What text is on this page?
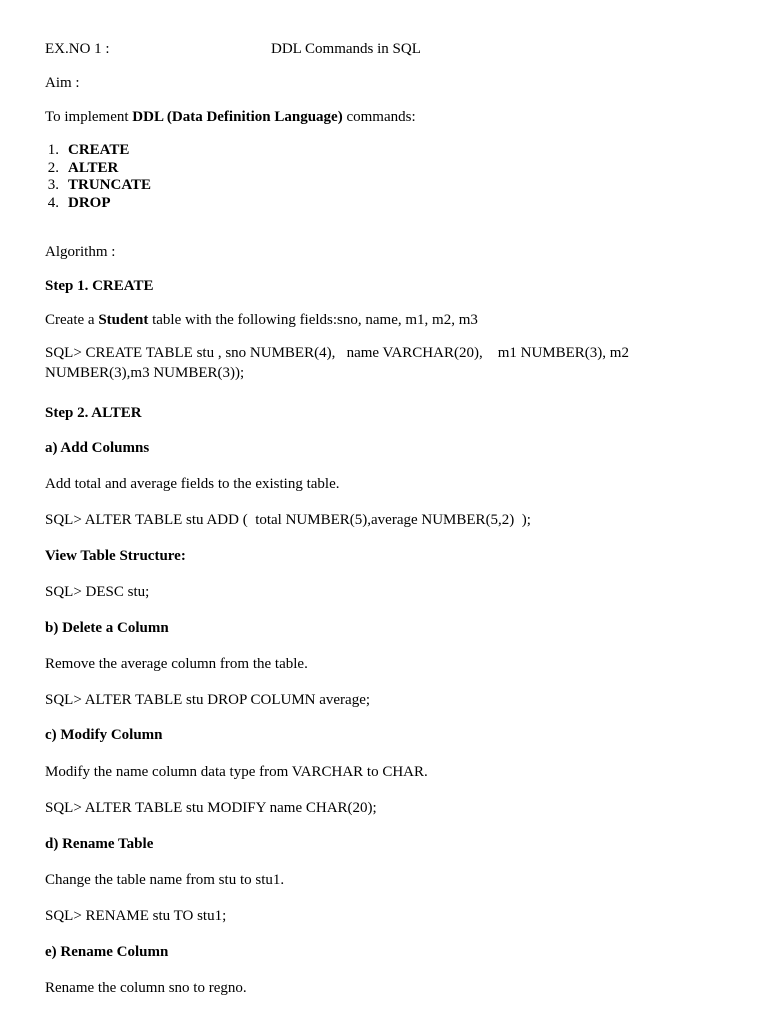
EX.NO 1 :	DDL Commands in SQL
Aim :
To implement DDL (Data Definition Language) commands:
1. CREATE
2. ALTER
3. TRUNCATE
4. DROP
Algorithm :
Step 1. CREATE
Create a Student table with the following fields:sno, name, m1, m2, m3
SQL> CREATE TABLE stu , sno NUMBER(4),   name VARCHAR(20),    m1 NUMBER(3), m2
NUMBER(3),m3 NUMBER(3));
Step 2. ALTER
a) Add Columns
Add total and average fields to the existing table.
SQL> ALTER TABLE stu ADD (  total NUMBER(5),average NUMBER(5,2)  );
View Table Structure:
SQL> DESC stu;
b) Delete a Column
Remove the average column from the table.
SQL> ALTER TABLE stu DROP COLUMN average;
c) Modify Column
Modify the name column data type from VARCHAR to CHAR.
SQL> ALTER TABLE stu MODIFY name CHAR(20);
d) Rename Table
Change the table name from stu to stu1.
SQL> RENAME stu TO stu1;
e) Rename Column
Rename the column sno to regno.
